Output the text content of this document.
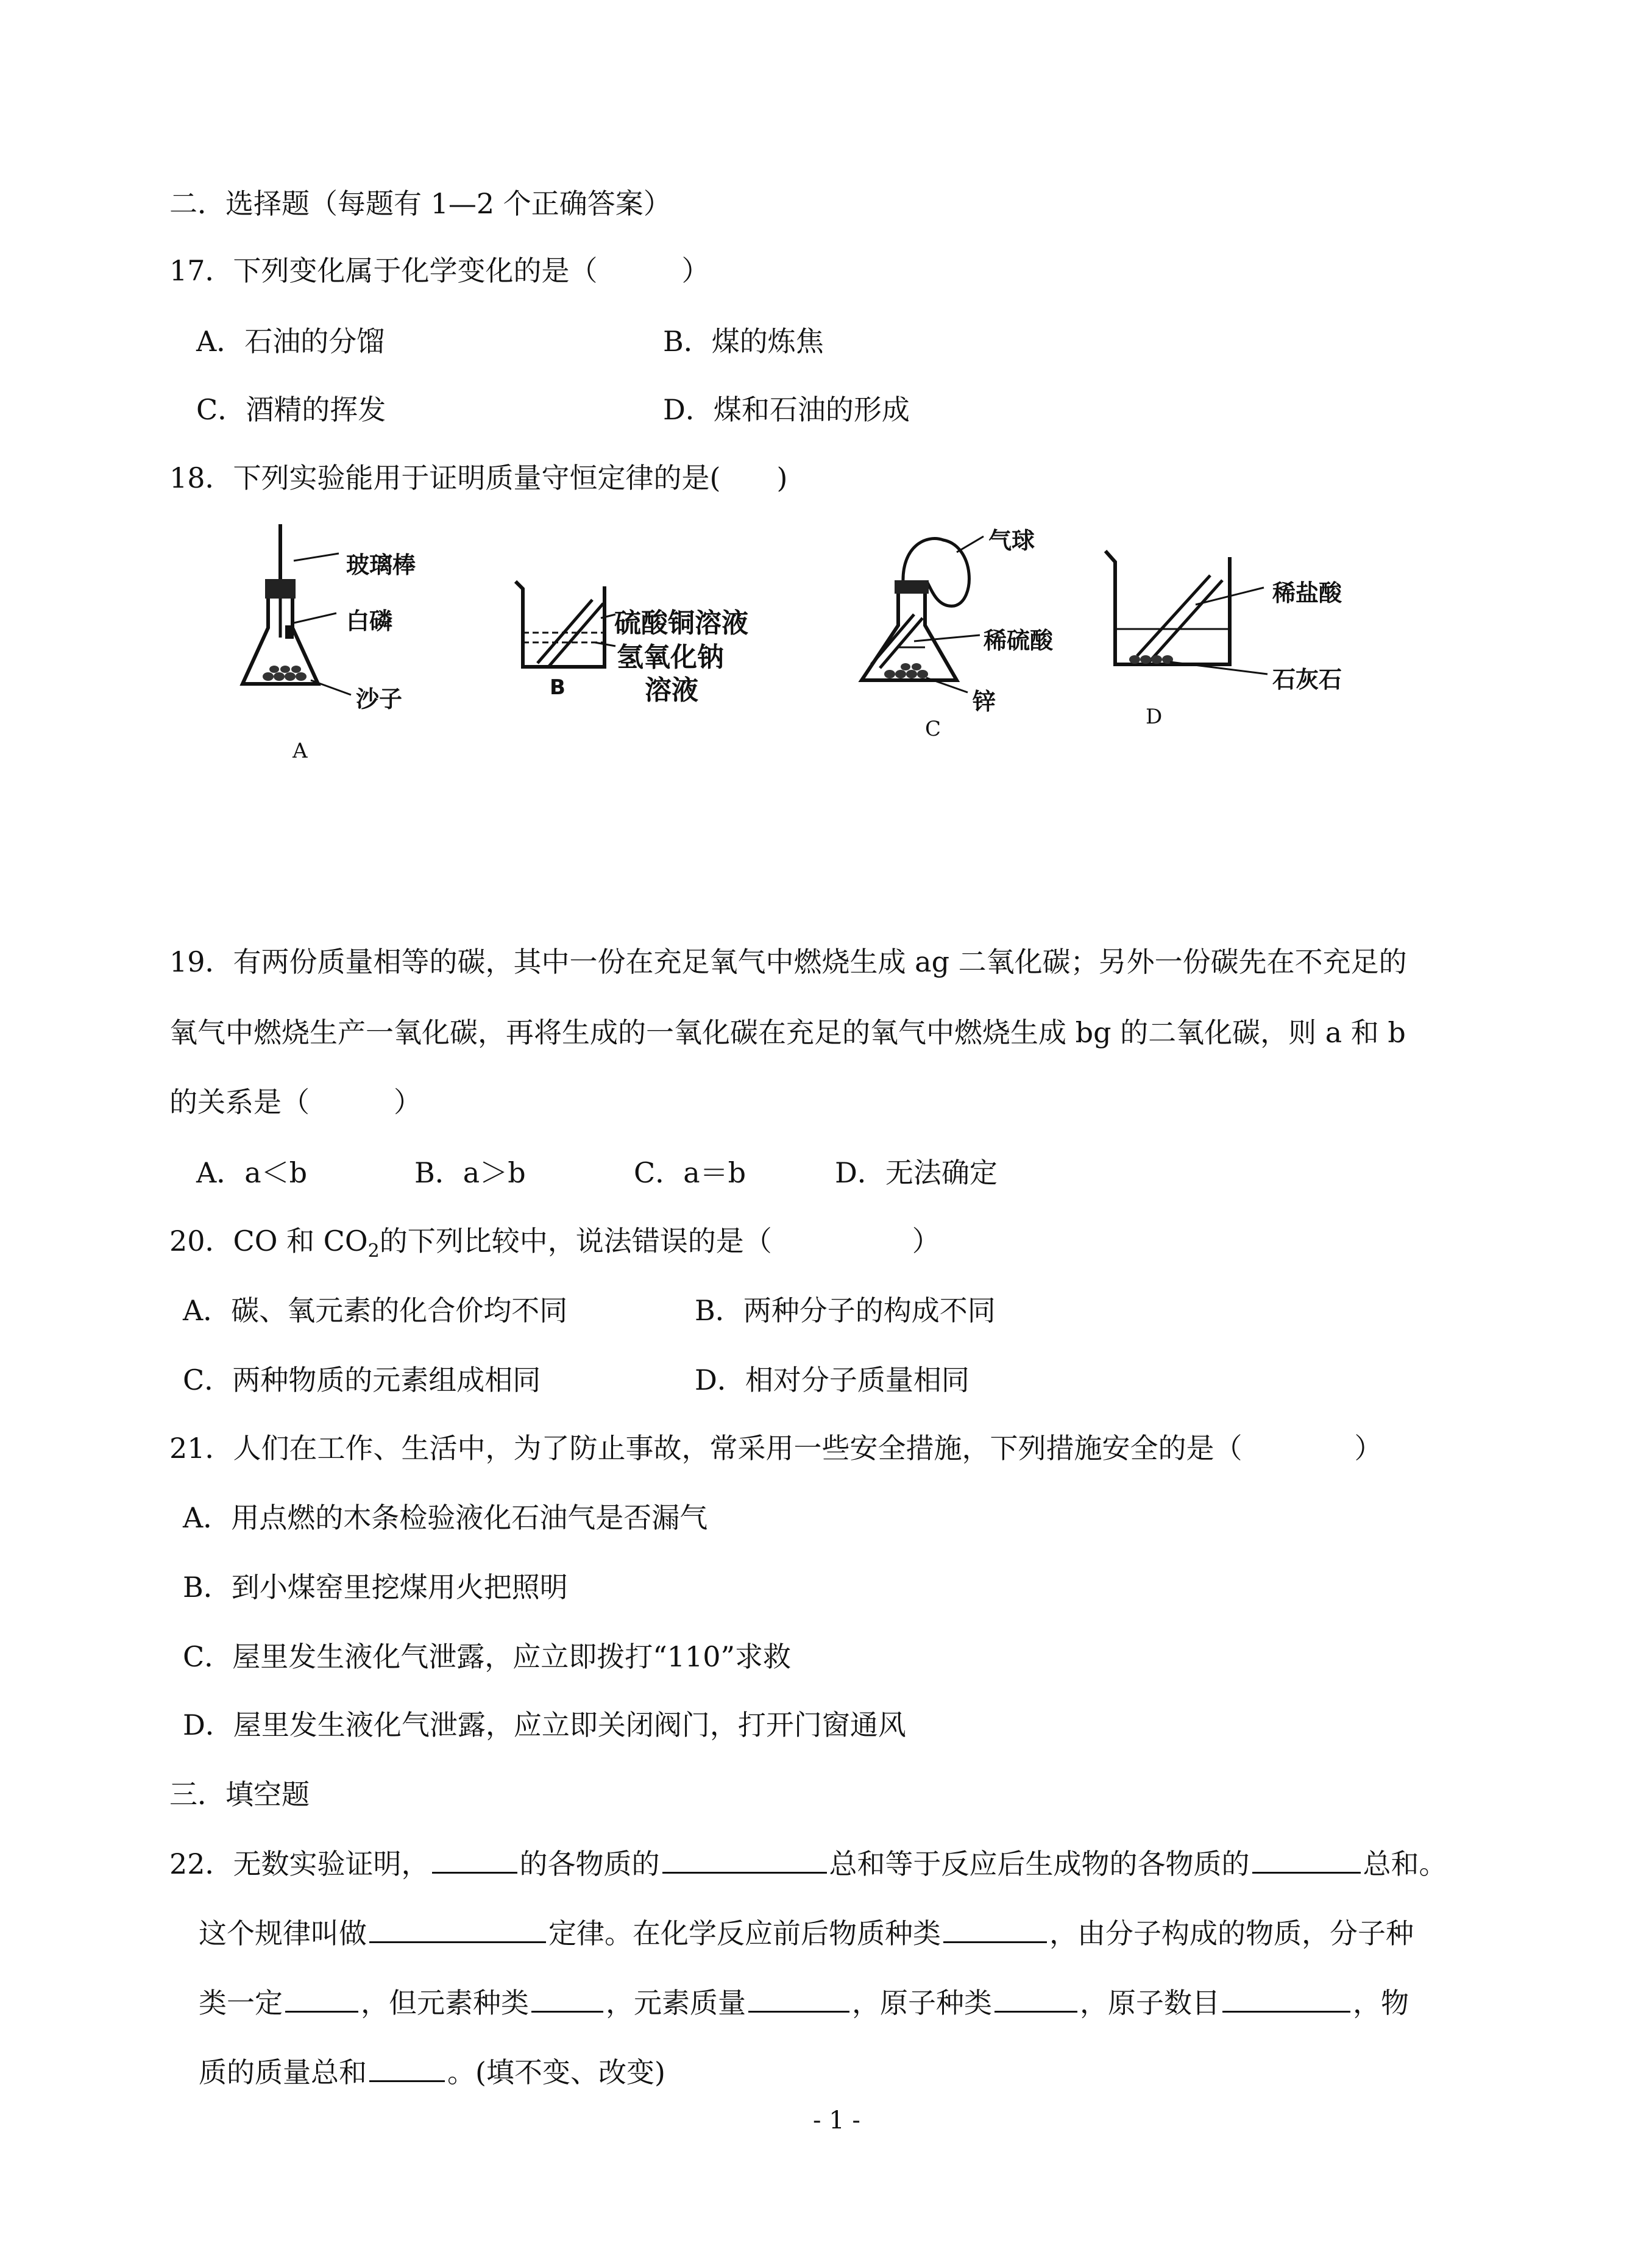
二．选择题（每题有 1—2 个正确答案）
17．下列变化属于化学变化的是（　　　）
A．石油的分馏	B．煤的炼焦
C．酒精的挥发	D．煤和石油的形成
18．下列实验能用于证明质量守恒定律的是(　　)
玻璃棒
白磷
沙子
A
硫酸铜溶液
氢氧化钠
溶液
B
气球
稀硫酸
锌
C
稀盐酸
石灰石
D
19．有两份质量相等的碳，其中一份在充足氧气中燃烧生成 ag 二氧化碳；另外一份碳先在不充足的
氧气中燃烧生产一氧化碳，再将生成的一氧化碳在充足的氧气中燃烧生成 bg 的二氧化碳，则 a 和 b
的关系是（　　　）
A．a＜b	B．a＞b	C．a＝b	D．无法确定
20．CO 和 $CO_2$的下列比较中，说法错误的是（　　　　　）
A．碳、氧元素的化合价均不同	B．两种分子的构成不同
C．两种物质的元素组成相同	D．相对分子质量相同
21．人们在工作、生活中，为了防止事故，常采用一些安全措施，下列措施安全的是（　　　　）
A．用点燃的木条检验液化石油气是否漏气
B．到小煤窑里挖煤用火把照明
C．屋里发生液化气泄露，应立即拨打“110”求救
D．屋里发生液化气泄露，应立即关闭阀门，打开门窗通风
三．填空题
22．无数实验证明，	的各物质的	总和等于反应后生成物的各物质的	总和。
这个规律叫做	定律。在化学反应前后物质种类	，由分子构成的物质，分子种
类一定	，但元素种类	，元素质量	，原子种类	，原子数目	，物
质的质量总和	。(填不变、改变)
- 1 -
